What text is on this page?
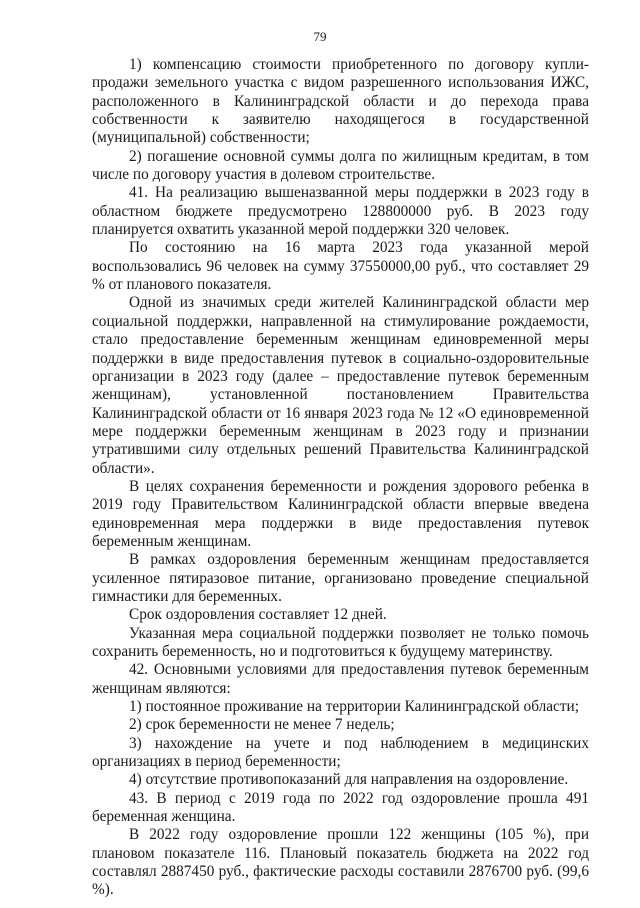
79

1) компенсацию стоимости приобретенного по договору купли-продажи земельного участка с видом разрешенного использования ИЖС, расположенного в Калининградской области и до перехода права собственности к заявителю находящегося в государственной (муниципальной) собственности;

2) погашение основной суммы долга по жилищным кредитам, в том числе по договору участия в долевом строительстве.

41. На реализацию вышеназванной меры поддержки в 2023 году в областном бюджете предусмотрено 128800000 руб. В 2023 году планируется охватить указанной мерой поддержки 320 человек.

По состоянию на 16 марта 2023 года указанной мерой воспользовались 96 человек на сумму 37550000,00 руб., что составляет 29 % от планового показателя.

Одной из значимых среди жителей Калининградской области мер социальной поддержки, направленной на стимулирование рождаемости, стало предоставление беременным женщинам единовременной меры поддержки в виде предоставления путевок в социально-оздоровительные организации в 2023 году (далее – предоставление путевок беременным женщинам), установленной постановлением Правительства Калининградской области от 16 января 2023 года № 12 «О единовременной мере поддержки беременным женщинам в 2023 году и признании утратившими силу отдельных решений Правительства Калининградской области».

В целях сохранения беременности и рождения здорового ребенка в 2019 году Правительством Калининградской области впервые введена единовременная мера поддержки в виде предоставления путевок беременным женщинам.

В рамках оздоровления беременным женщинам предоставляется усиленное пятиразовое питание, организовано проведение специальной гимнастики для беременных.

Срок оздоровления составляет 12 дней.

Указанная мера социальной поддержки позволяет не только помочь сохранить беременность, но и подготовиться к будущему материнству.

42. Основными условиями для предоставления путевок беременным женщинам являются:

1) постоянное проживание на территории Калининградской области;

2) срок беременности не менее 7 недель;

3) нахождение на учете и под наблюдением в медицинских организациях в период беременности;

4) отсутствие противопоказаний для направления на оздоровление.

43. В период с 2019 года по 2022 год оздоровление прошла 491 беременная женщина.

В 2022 году оздоровление прошли 122 женщины (105 %), при плановом показателе 116. Плановый показатель бюджета на 2022 год составлял 2887450 руб., фактические расходы составили 2876700 руб. (99,6 %).
